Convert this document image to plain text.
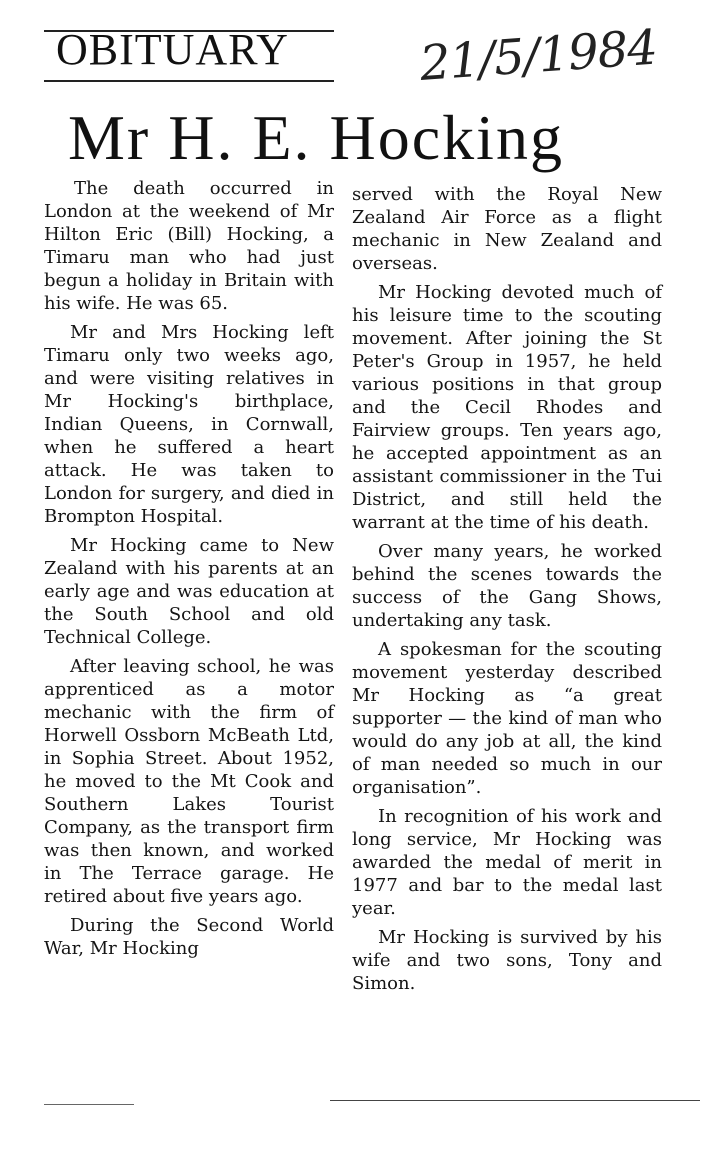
OBITUARY	21/5/1984
Mr H. E. Hocking

The death occurred in London at the weekend of Mr Hilton Eric (Bill) Hocking, a Timaru man who had just begun a holiday in Britain with his wife. He was 65.

Mr and Mrs Hocking left Timaru only two weeks ago, and were visiting relatives in Mr Hocking's birthplace, Indian Queens, in Cornwall, when he suffered a heart attack. He was taken to London for surgery, and died in Brompton Hospital.

Mr Hocking came to New Zealand with his parents at an early age and was education at the South School and old Technical College.

After leaving school, he was apprenticed as a motor mechanic with the firm of Horwell Ossborn McBeath Ltd, in Sophia Street. About 1952, he moved to the Mt Cook and Southern Lakes Tourist Company, as the transport firm was then known, and worked in The Terrace garage. He retired about five years ago.

During the Second World War, Mr Hocking

served with the Royal New Zealand Air Force as a flight mechanic in New Zealand and overseas.

Mr Hocking devoted much of his leisure time to the scouting movement. After joining the St Peter's Group in 1957, he held various positions in that group and the Cecil Rhodes and Fairview groups. Ten years ago, he accepted appointment as an assistant commissioner in the Tui District, and still held the warrant at the time of his death.

Over many years, he worked behind the scenes towards the success of the Gang Shows, undertaking any task.

A spokesman for the scouting movement yesterday described Mr Hocking as “a great supporter — the kind of man who would do any job at all, the kind of man needed so much in our organisation”.

In recognition of his work and long service, Mr Hocking was awarded the medal of merit in 1977 and bar to the medal last year.

Mr Hocking is survived by his wife and two sons, Tony and Simon.
